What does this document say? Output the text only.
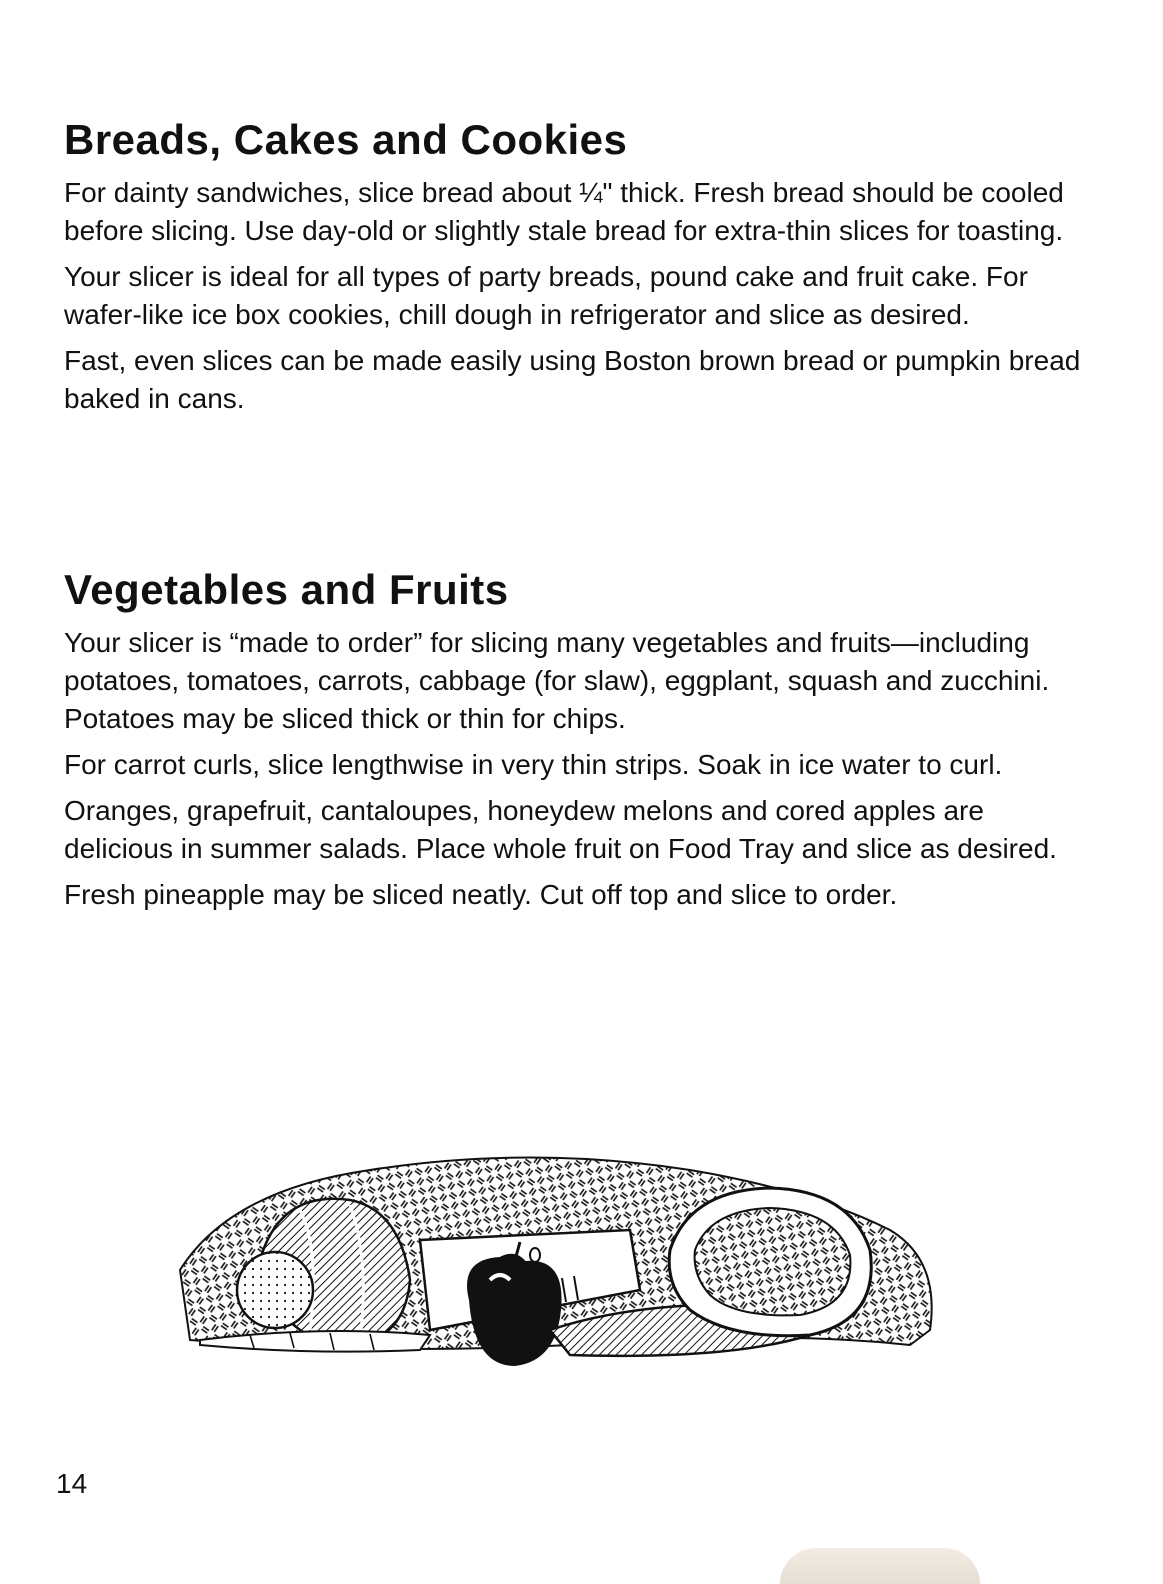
Breads, Cakes and Cookies

For dainty sandwiches, slice bread about ¼" thick. Fresh bread should be cooled before slicing. Use day-old or slightly stale bread for extra-thin slices for toasting.

Your slicer is ideal for all types of party breads, pound cake and fruit cake. For wafer-like ice box cookies, chill dough in refrigerator and slice as desired.

Fast, even slices can be made easily using Boston brown bread or pumpkin bread baked in cans.

Vegetables and Fruits

Your slicer is “made to order” for slicing many vegetables and fruits—including potatoes, tomatoes, carrots, cabbage (for slaw), eggplant, squash and zucchini. Potatoes may be sliced thick or thin for chips.

For carrot curls, slice lengthwise in very thin strips. Soak in ice water to curl.

Oranges, grapefruit, cantaloupes, honeydew melons and cored apples are delicious in summer salads. Place whole fruit on Food Tray and slice as desired.

Fresh pineapple may be sliced neatly. Cut off top and slice to order.

14
